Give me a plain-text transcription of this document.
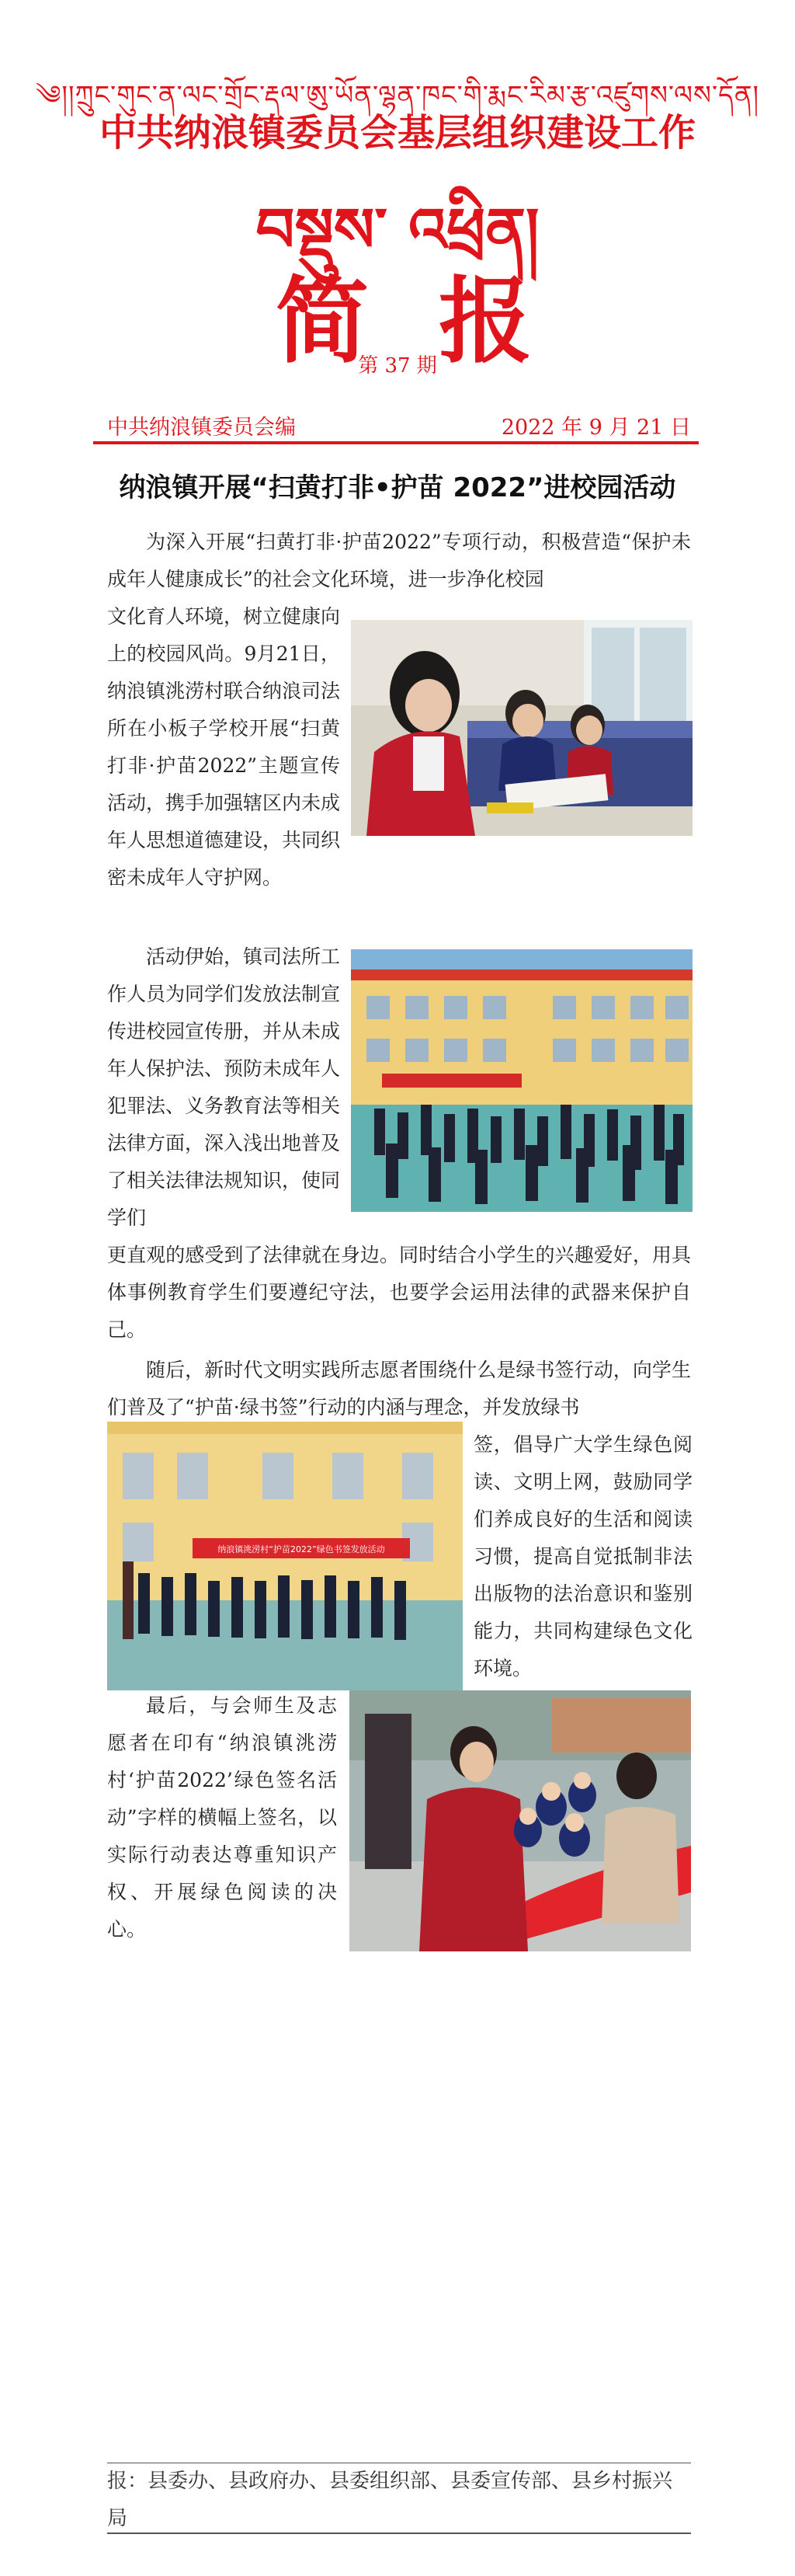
༄།།ཀྲུང་གུང་ན་ལང་གྲོང་རྡལ་ཨུ་ཡོན་ལྷན་ཁང་གི་རྨང་རིམ་རྩ་འཛུགས་ལས་དོན།
中共纳浪镇委员会基层组织建设工作
བསྡུས་ འཕྲིན།
简 报
第 37 期
中共纳浪镇委员会编	2022 年 9 月 21 日
纳浪镇开展“扫黄打非•护苗 2022”进校园活动
为深入开展“扫黄打非·护苗2022”专项行动，积极营造“保护未成年人健康成长”的社会文化环境，进一步净化校园
文化育人环境，树立健康向上的校园风尚。9月21日，纳浪镇洮涝村联合纳浪司法所在小板子学校开展“扫黄打非·护苗2022”主题宣传活动，携手加强辖区内未成年人思想道德建设，共同织密未成年人守护网。
活动伊始，镇司法所工作人员为同学们发放法制宣传进校园宣传册，并从未成年人保护法、预防未成年人犯罪法、义务教育法等相关法律方面，深入浅出地普及了相关法律法规知识，使同学们
更直观的感受到了法律就在身边。同时结合小学生的兴趣爱好，用具体事例教育学生们要遵纪守法，也要学会运用法律的武器来保护自己。
随后，新时代文明实践所志愿者围绕什么是绿书签行动，向学生们普及了“护苗·绿书签”行动的内涵与理念，并发放绿书
签，倡导广大学生绿色阅读、文明上网，鼓励同学们养成良好的生活和阅读习惯，提高自觉抵制非法出版物的法治意识和鉴别能力，共同构建绿色文化环境。
纳浪镇洮涝村“护苗2022”绿色书签发放活动
最后，与会师生及志愿者在印有“纳浪镇洮涝村‘护苗2022’绿色签名活动”字样的横幅上签名，以实际行动表达尊重知识产权、开展绿色阅读的决心。
报：县委办、县政府办、县委组织部、县委宣传部、县乡村振兴局
